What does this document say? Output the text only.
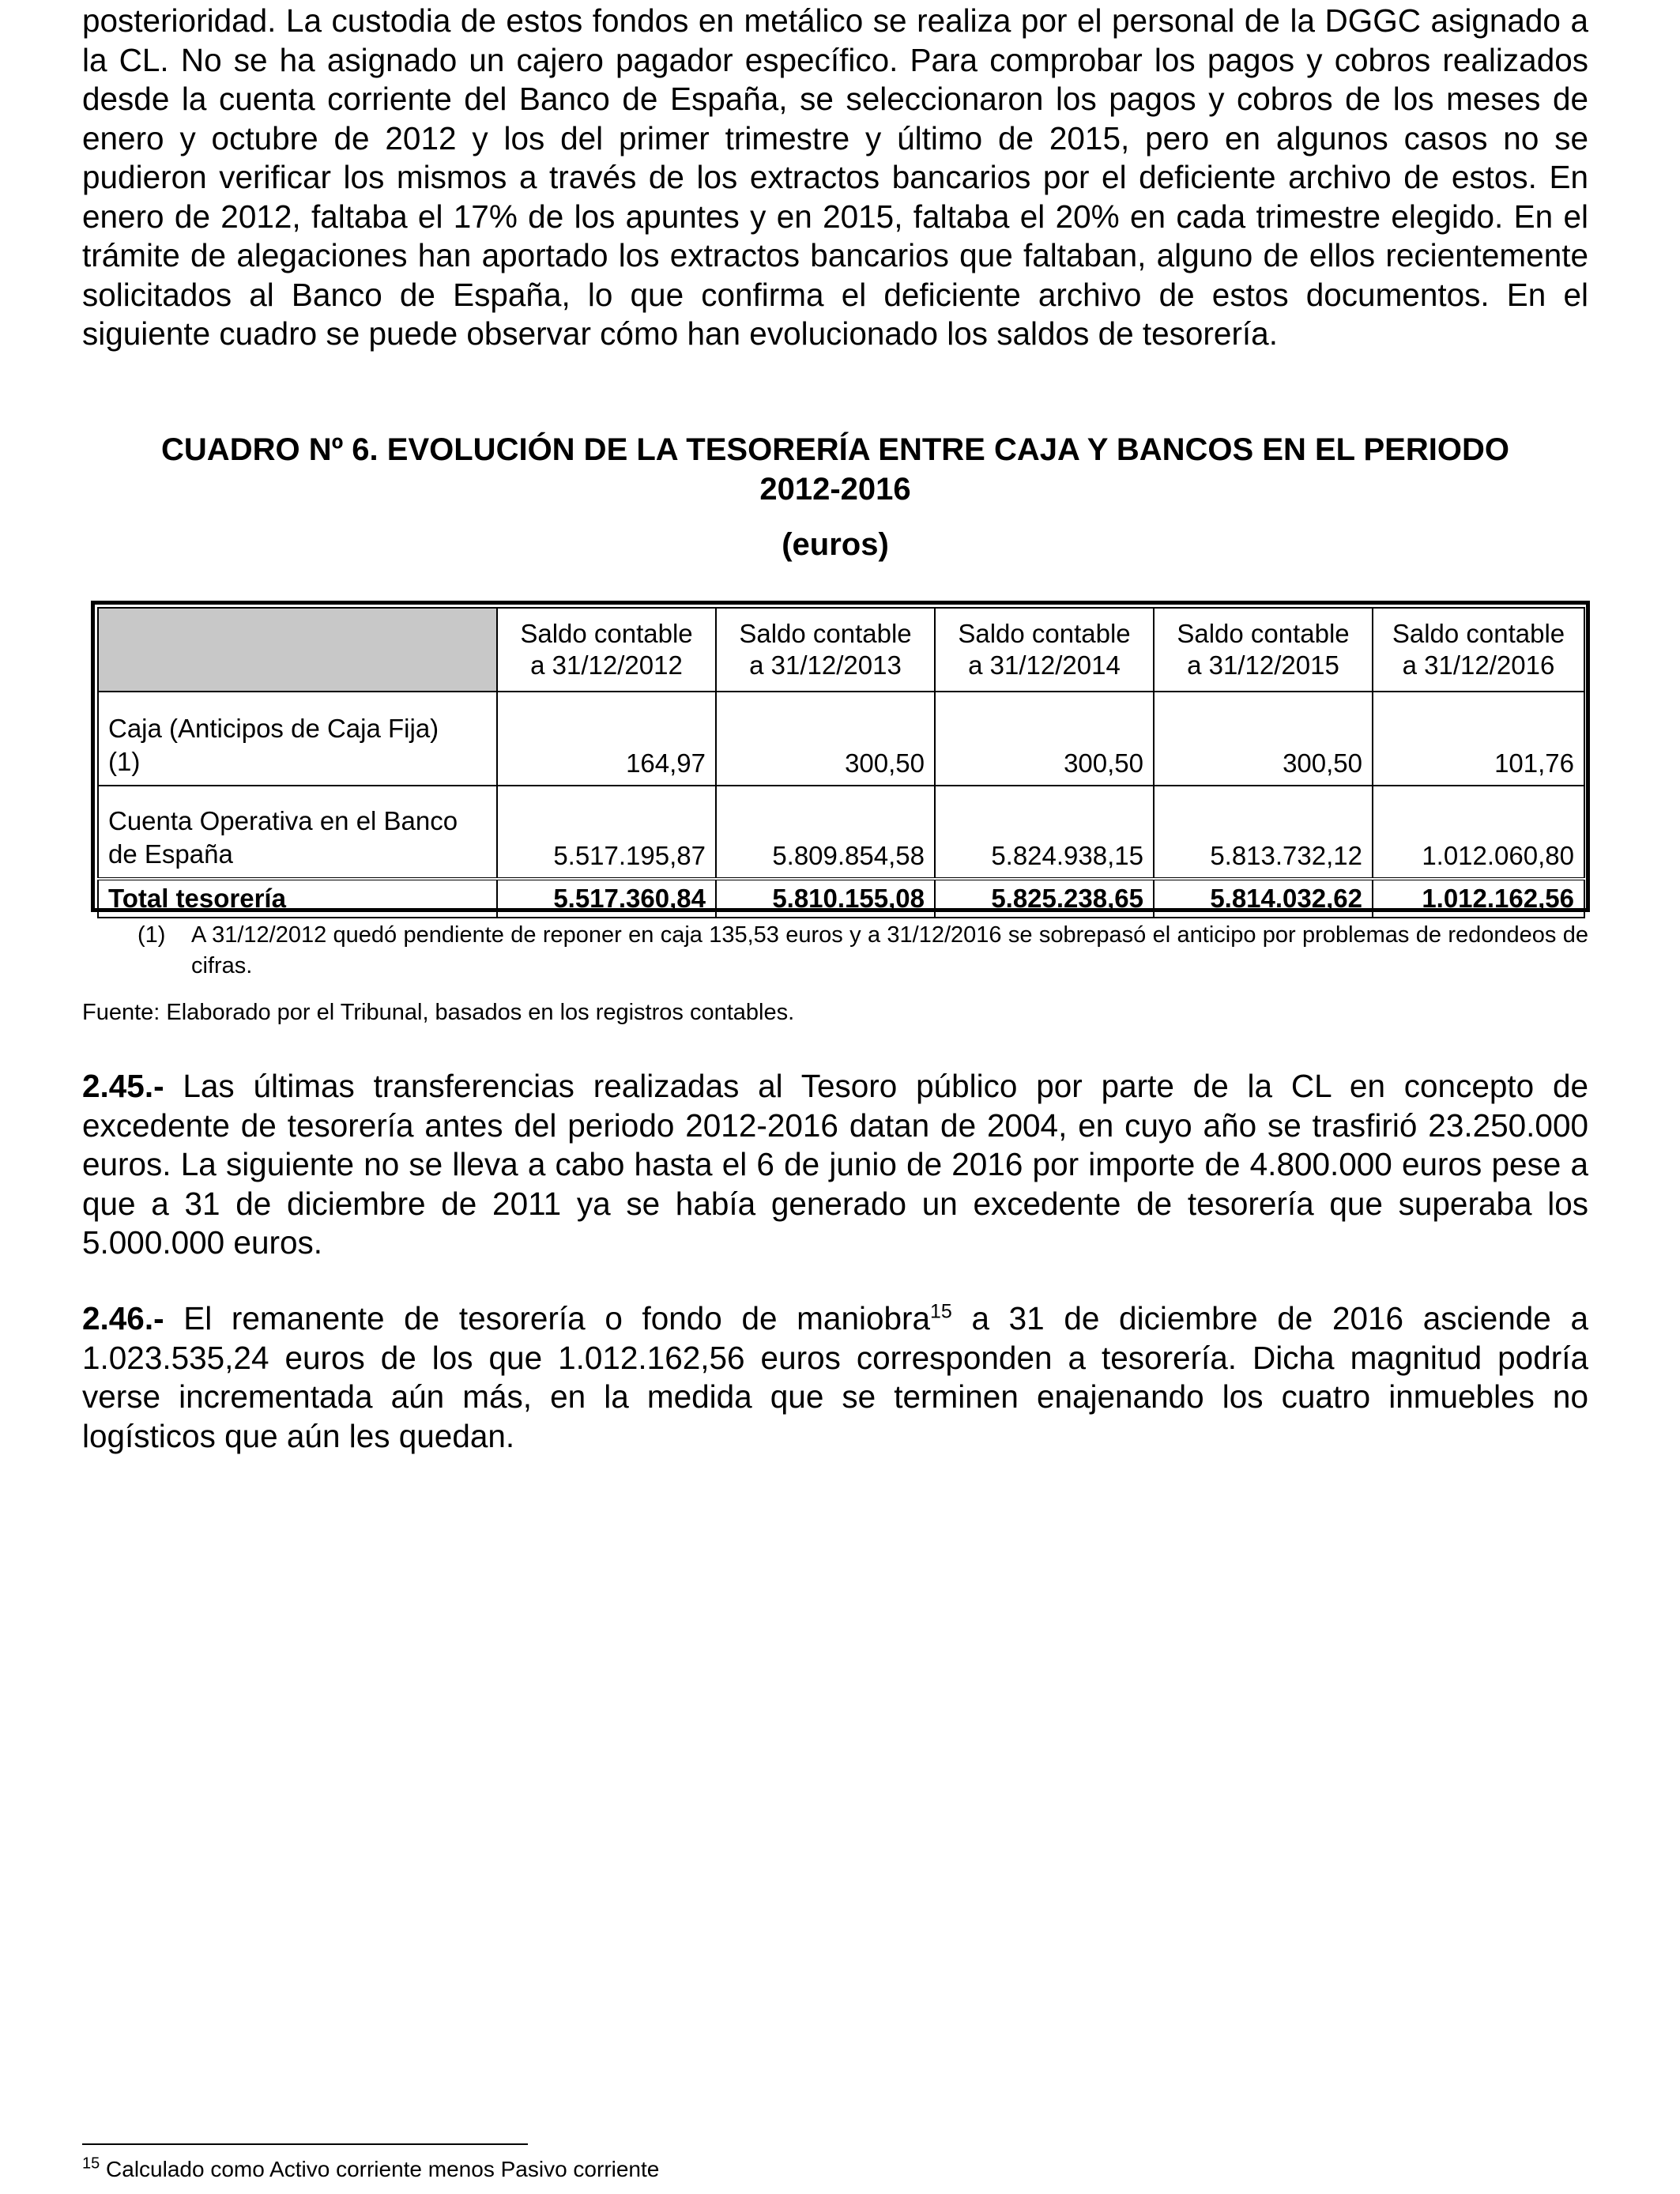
posterioridad. La custodia de estos fondos en metálico se realiza por el personal de la DGGC asignado a la CL. No se ha asignado un cajero pagador específico. Para comprobar los pagos y cobros realizados desde la cuenta corriente del Banco de España, se seleccionaron los pagos y cobros de los meses de enero y octubre de 2012 y los del primer trimestre y último de 2015, pero en algunos casos no se pudieron verificar los mismos a través de los extractos bancarios por el deficiente archivo de estos. En enero de 2012, faltaba el 17% de los apuntes y en 2015, faltaba el 20% en cada trimestre elegido. En el trámite de alegaciones han aportado los extractos bancarios que faltaban, alguno de ellos recientemente solicitados al Banco de España, lo que confirma el deficiente archivo de estos documentos. En el siguiente cuadro se puede observar cómo han evolucionado los saldos de tesorería.

CUADRO Nº 6. EVOLUCIÓN DE LA TESORERÍA ENTRE CAJA Y BANCOS EN EL PERIODO
2012-2016

(euros)

	Saldo contable
a 31/12/2012	Saldo contable
a 31/12/2013	Saldo contable
a 31/12/2014	Saldo contable
a 31/12/2015	Saldo contable
a 31/12/2016
Caja (Anticipos de Caja Fija)
(1)	164,97	300,50	300,50	300,50	101,76
Cuenta Operativa en el Banco
de España	5.517.195,87	5.809.854,58	5.824.938,15	5.813.732,12	1.012.060,80
Total tesorería	5.517.360,84	5.810.155,08	5.825.238,65	5.814.032,62	1.012.162,56
(1) A 31/12/2012 quedó pendiente de reponer en caja 135,53 euros y a 31/12/2016 se sobrepasó el anticipo por problemas de redondeos de cifras.

Fuente: Elaborado por el Tribunal, basados en los registros contables.

2.45.- Las últimas transferencias realizadas al Tesoro público por parte de la CL en concepto de excedente de tesorería antes del periodo 2012-2016 datan de 2004, en cuyo año se trasfirió 23.250.000 euros. La siguiente no se lleva a cabo hasta el 6 de junio de 2016 por importe de 4.800.000 euros pese a que a 31 de diciembre de 2011 ya se había generado un excedente de tesorería que superaba los 5.000.000 euros.

2.46.- El remanente de tesorería o fondo de maniobra$^{15}$ a 31 de diciembre de 2016 asciende a 1.023.535,24 euros de los que 1.012.162,56 euros corresponden a tesorería. Dicha magnitud podría verse incrementada aún más, en la medida que se terminen enajenando los cuatro inmuebles no logísticos que aún les quedan.

$^{15}$ Calculado como Activo corriente menos Pasivo corriente
